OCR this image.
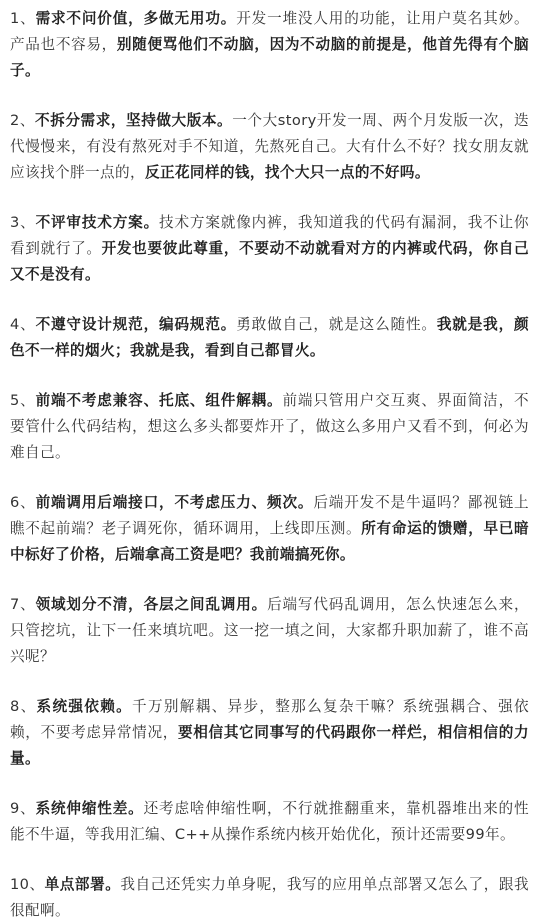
1、需求不问价值，多做无用功。开发一堆没人用的功能，让用户莫名其妙。产品也不容易，别随便骂他们不动脑，因为不动脑的前提是，他首先得有个脑子。

2、不拆分需求，坚持做大版本。一个大story开发一周、两个月发版一次，迭代慢慢来，有没有熬死对手不知道，先熬死自己。大有什么不好？找女朋友就应该找个胖一点的，反正花同样的钱，找个大只一点的不好吗。

3、不评审技术方案。技术方案就像内裤，我知道我的代码有漏洞，我不让你看到就行了。开发也要彼此尊重，不要动不动就看对方的内裤或代码，你自己又不是没有。

4、不遵守设计规范，编码规范。勇敢做自己，就是这么随性。我就是我，颜色不一样的烟火；我就是我，看到自己都冒火。

5、前端不考虑兼容、托底、组件解耦。前端只管用户交互爽、界面简洁，不要管什么代码结构，想这么多头都要炸开了，做这么多用户又看不到，何必为难自己。

6、前端调用后端接口，不考虑压力、频次。后端开发不是牛逼吗？鄙视链上瞧不起前端？老子调死你，循环调用，上线即压测。所有命运的馈赠，早已暗中标好了价格，后端拿高工资是吧？我前端搞死你。

7、领域划分不清，各层之间乱调用。后端写代码乱调用，怎么快速怎么来，只管挖坑，让下一任来填坑吧。这一挖一填之间，大家都升职加薪了，谁不高兴呢？

8、系统强依赖。千万别解耦、异步，整那么复杂干嘛？系统强耦合、强依赖，不要考虑异常情况，要相信其它同事写的代码跟你一样烂，相信相信的力量。

9、系统伸缩性差。还考虑啥伸缩性啊，不行就推翻重来，靠机器堆出来的性能不牛逼，等我用汇编、C++从操作系统内核开始优化，预计还需要99年。

10、单点部署。我自己还凭实力单身呢，我写的应用单点部署又怎么了，跟我很配啊。
